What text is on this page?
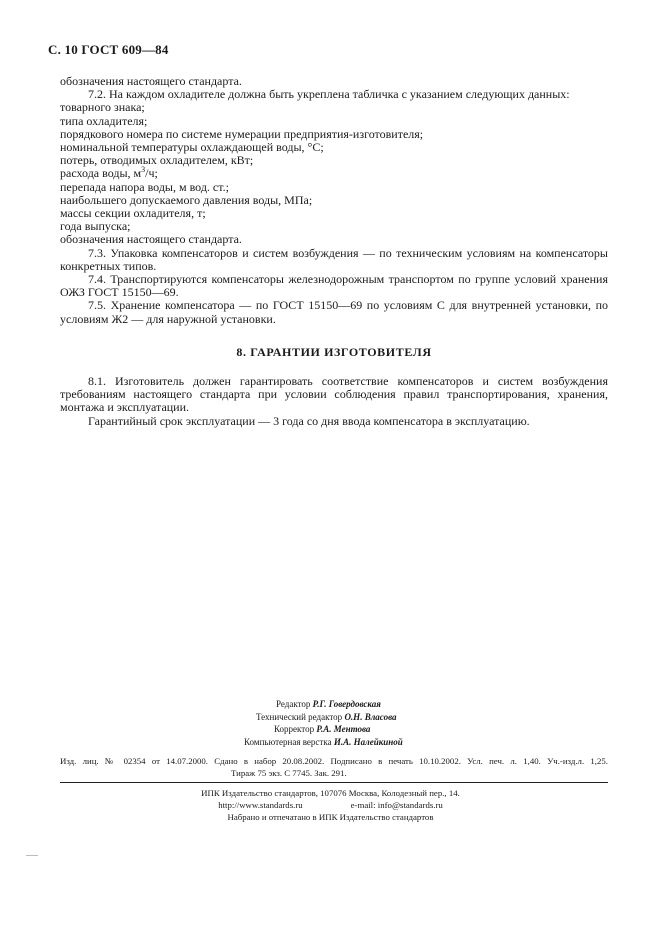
С. 10 ГОСТ 609—84
обозначения настоящего стандарта.
7.2. На каждом охладителе должна быть укреплена табличка с указанием следующих данных:
товарного знака;
типа охладителя;
порядкового номера по системе нумерации предприятия-изготовителя;
номинальной температуры охлаждающей воды, °С;
потерь, отводимых охладителем, кВт;
расхода воды, $м^3/ч$;
перепада напора воды, м вод. ст.;
наибольшего допускаемого давления воды, МПа;
массы секции охладителя, т;
года выпуска;
обозначения настоящего стандарта.
7.3. Упаковка компенсаторов и систем возбуждения — по техническим условиям на компенсаторы конкретных типов.
7.4. Транспортируются компенсаторы железнодорожным транспортом по группе условий хранения ОЖЗ ГОСТ 15150—69.
7.5. Хранение компенсатора — по ГОСТ 15150—69 по условиям С для внутренней установки, по условиям Ж2 — для наружной установки.
8. ГАРАНТИИ ИЗГОТОВИТЕЛЯ
8.1. Изготовитель должен гарантировать соответствие компенсаторов и систем возбуждения требованиям настоящего стандарта при условии соблюдения правил транспортирования, хранения, монтажа и эксплуатации.
Гарантийный срок эксплуатации — 3 года со дня ввода компенсатора в эксплуатацию.
Редактор Р.Г. Говердовская
Технический редактор О.Н. Власова
Корректор Р.А. Ментова
Компьютерная верстка И.А. Налейкиной
Изд. лиц. № 02354 от 14.07.2000. Сдано в набор 20.08.2002. Подписано в печать 10.10.2002. Усл. печ. л. 1,40. Уч.-изд.л. 1,25.
Тираж 75 экз. С 7745. Зак. 291.
ИПК Издательство стандартов, 107076 Москва, Колодезный пер., 14.
http://www.standards.ru	e-mail: info@standards.ru
Набрано и отпечатано в ИПК Издательство стандартов
